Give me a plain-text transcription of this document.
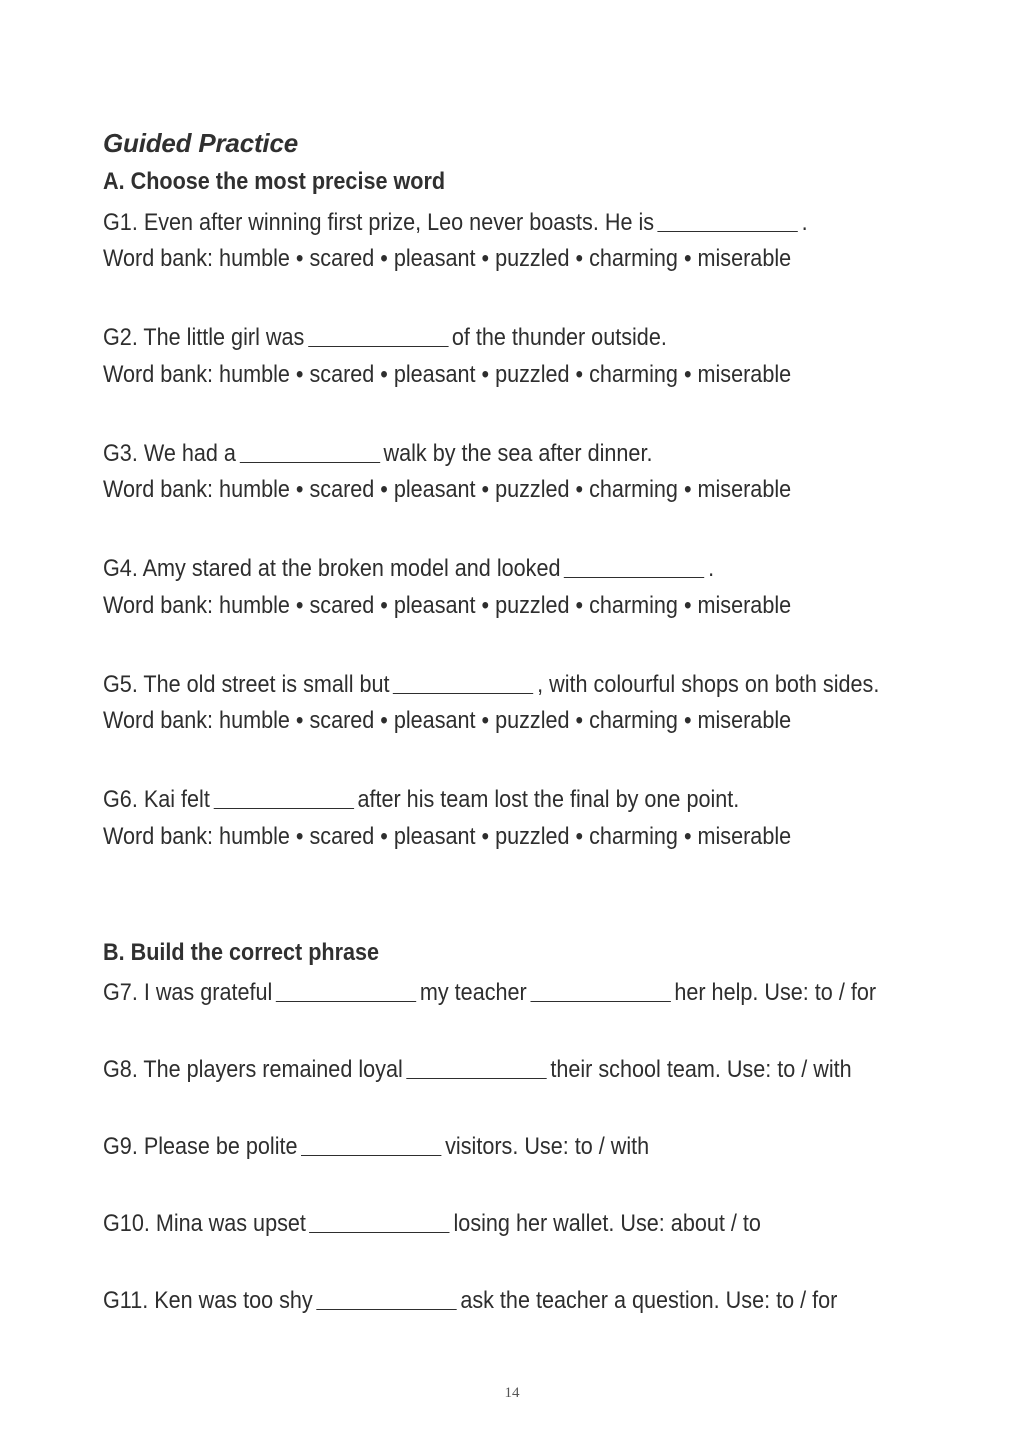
Guided Practice
A. Choose the most precise word
G1. Even after winning first prize, Leo never boasts. He is	.
Word bank: humble • scared • pleasant • puzzled • charming • miserable
G2. The little girl was	of the thunder outside.
Word bank: humble • scared • pleasant • puzzled • charming • miserable
G3. We had a	walk by the sea after dinner.
Word bank: humble • scared • pleasant • puzzled • charming • miserable
G4. Amy stared at the broken model and looked	.
Word bank: humble • scared • pleasant • puzzled • charming • miserable
G5. The old street is small but	, with colourful shops on both sides.
Word bank: humble • scared • pleasant • puzzled • charming • miserable
G6. Kai felt	after his team lost the final by one point.
Word bank: humble • scared • pleasant • puzzled • charming • miserable
B. Build the correct phrase
G7. I was grateful	my teacher	her help. Use: to / for
G8. The players remained loyal	their school team. Use: to / with
G9. Please be polite	visitors. Use: to / with
G10. Mina was upset	losing her wallet. Use: about / to
G11. Ken was too shy	ask the teacher a question. Use: to / for
14
